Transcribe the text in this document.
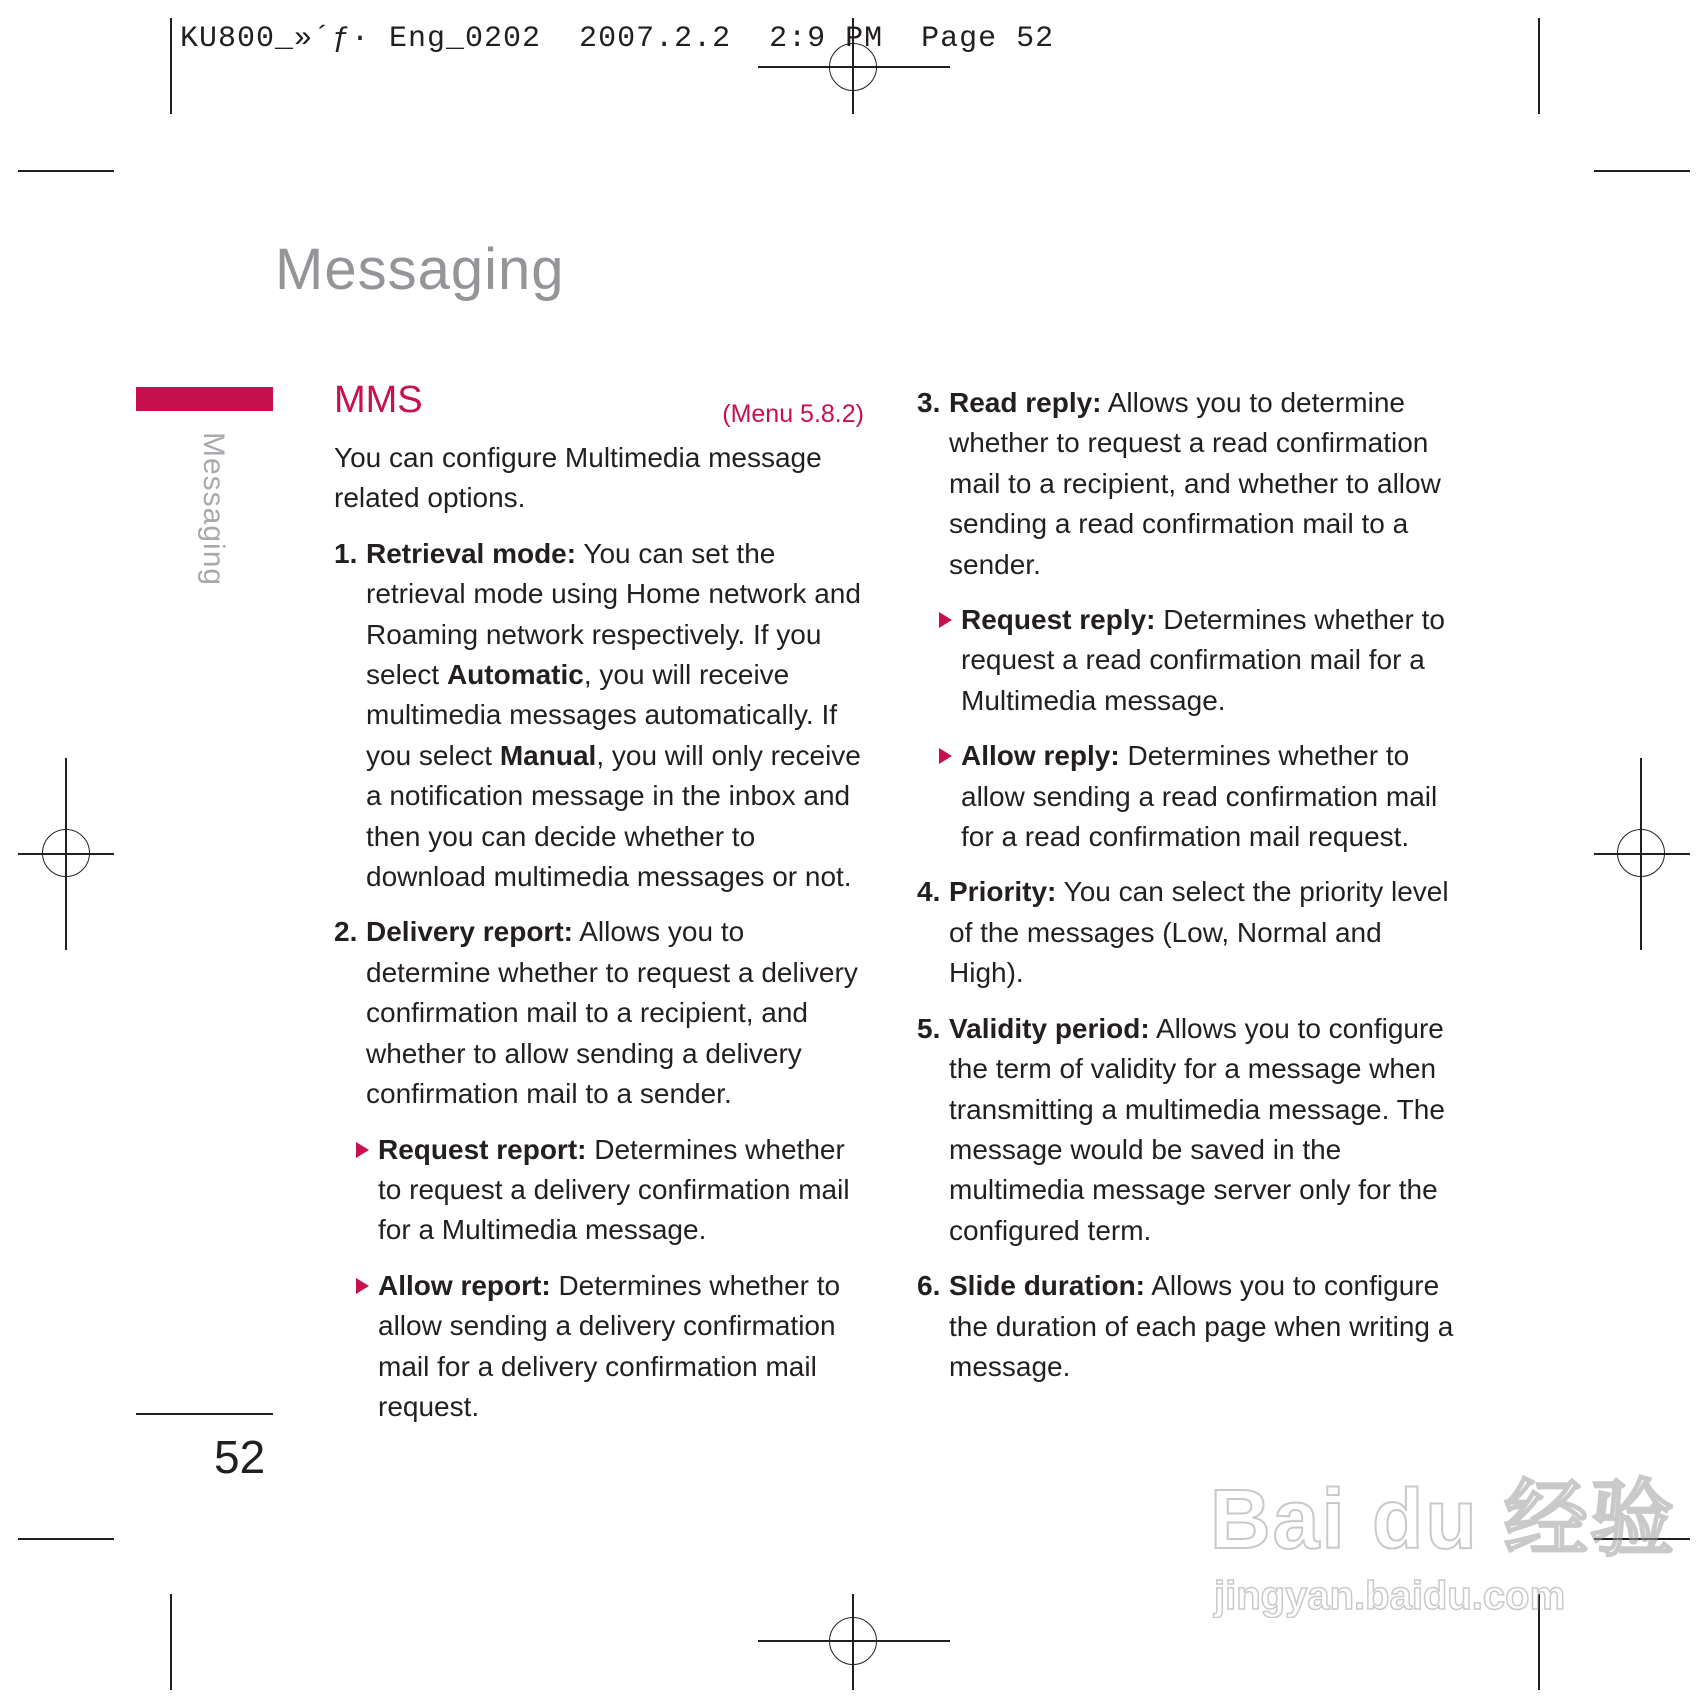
KU800_»´ƒ· Eng_0202  2007.2.2  2:9 PM  Page 52
Messaging
Messaging
52
MMS	(Menu 5.8.2)

You can configure Multimedia message related options.

1. Retrieval mode: You can set the retrieval mode using Home network and Roaming network respectively. If you select Automatic, you will receive multimedia messages automatically. If you select Manual, you will only receive a notification message in the inbox and then you can decide whether to download multimedia messages or not.
2. Delivery report: Allows you to determine whether to request a delivery confirmation mail to a recipient, and whether to allow sending a delivery confirmation mail to a sender.
Request report: Determines whether to request a delivery confirmation mail for a Multimedia message.
Allow report: Determines whether to allow sending a delivery confirmation mail for a delivery confirmation mail request.
3. Read reply: Allows you to determine whether to request a read confirmation mail to a recipient, and whether to allow sending a read confirmation mail to a sender.
Request reply: Determines whether to request a read confirmation mail for a Multimedia message.
Allow reply: Determines whether to allow sending a read confirmation mail for a read confirmation mail request.
4. Priority: You can select the priority level of the messages (Low, Normal and High).
5. Validity period: Allows you to configure the term of validity for a message when transmitting a multimedia message. The message would be saved in the multimedia message server only for the configured term.
6. Slide duration: Allows you to configure the duration of each page when writing a message.
Bai du 经验
jingyan.baidu.com
